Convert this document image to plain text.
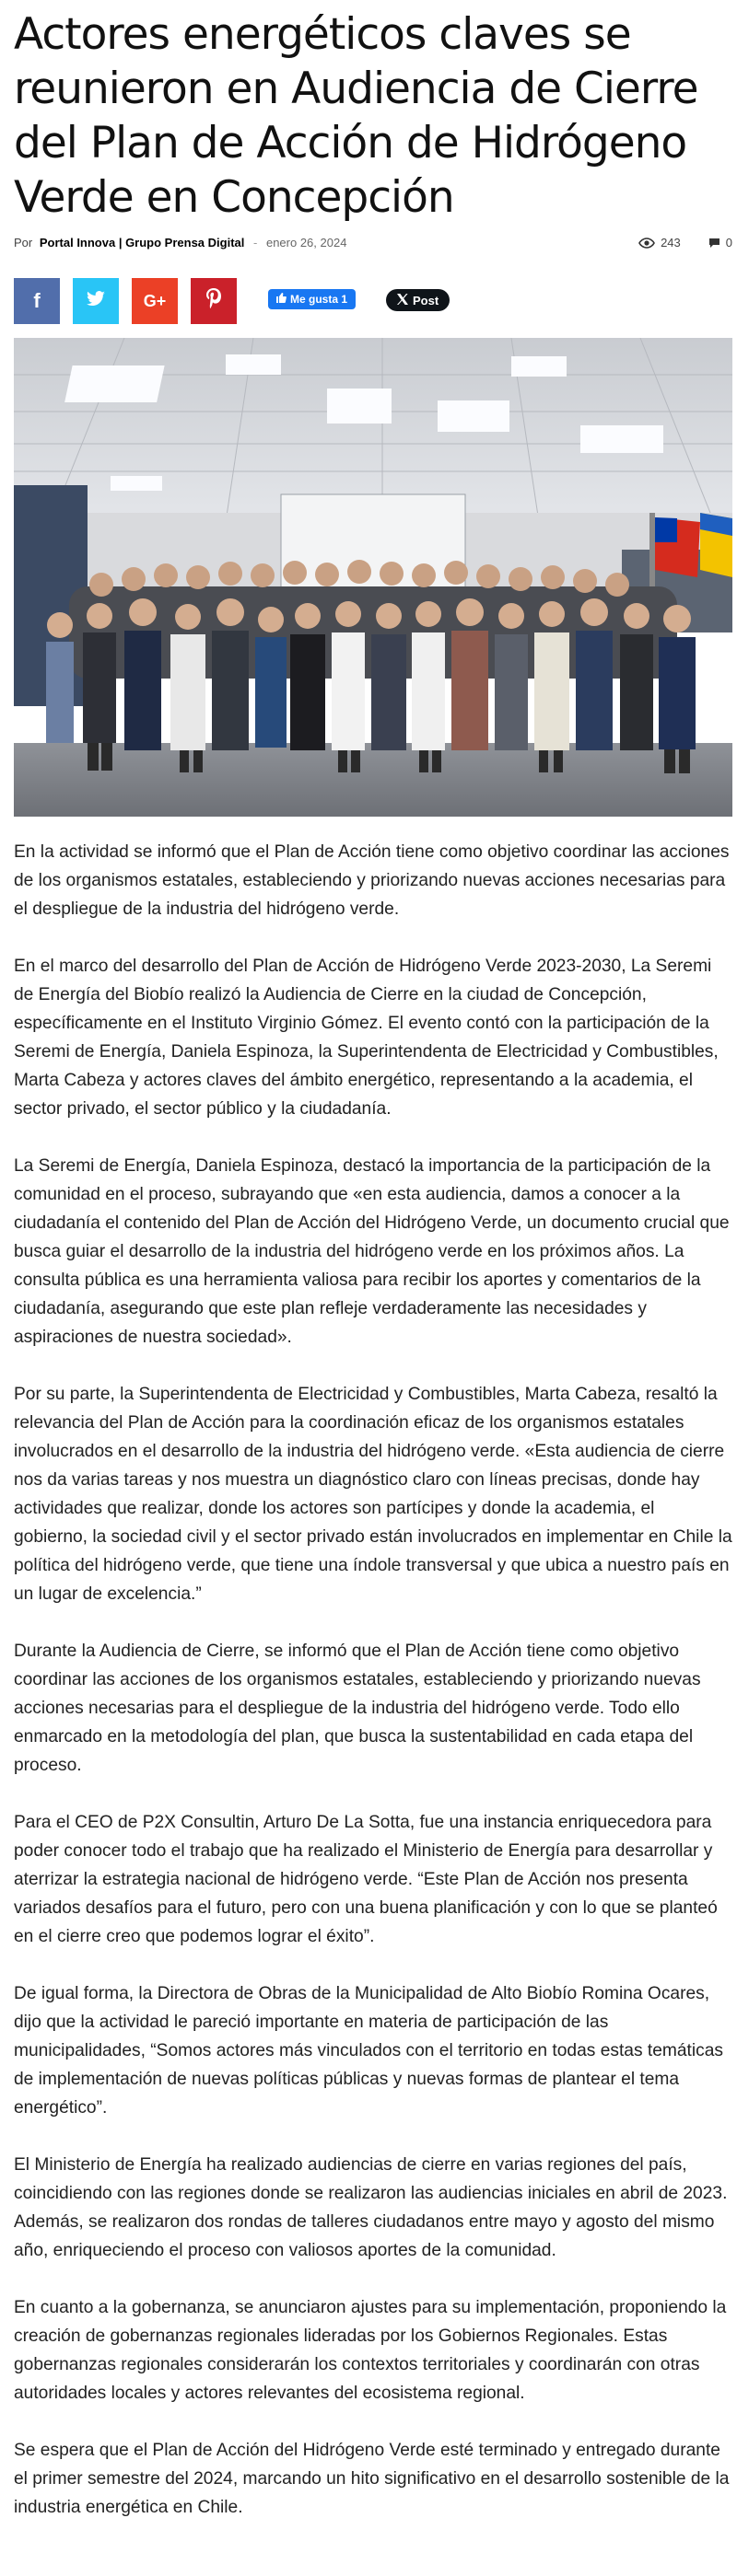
Actores energéticos claves se reunieron en Audiencia de Cierre del Plan de Acción de Hidrógeno Verde en Concepción
Por Portal Innova | Grupo Prensa Digital - enero 26, 2024	243	0
f	G+	Me gusta 1	Post

En la actividad se informó que el Plan de Acción tiene como objetivo coordinar las acciones de los organismos estatales, estableciendo y priorizando nuevas acciones necesarias para el despliegue de la industria del hidrógeno verde.

En el marco del desarrollo del Plan de Acción de Hidrógeno Verde 2023-2030, La Seremi de Energía del Biobío realizó la Audiencia de Cierre en la ciudad de Concepción, específicamente en el Instituto Virginio Gómez. El evento contó con la participación de la Seremi de Energía, Daniela Espinoza, la Superintendenta de Electricidad y Combustibles, Marta Cabeza y actores claves del ámbito energético, representando a la academia, el sector privado, el sector público y la ciudadanía.

La Seremi de Energía, Daniela Espinoza, destacó la importancia de la participación de la comunidad en el proceso, subrayando que «en esta audiencia, damos a conocer a la ciudadanía el contenido del Plan de Acción del Hidrógeno Verde, un documento crucial que busca guiar el desarrollo de la industria del hidrógeno verde en los próximos años. La consulta pública es una herramienta valiosa para recibir los aportes y comentarios de la ciudadanía, asegurando que este plan refleje verdaderamente las necesidades y aspiraciones de nuestra sociedad».

Por su parte, la Superintendenta de Electricidad y Combustibles, Marta Cabeza, resaltó la relevancia del Plan de Acción para la coordinación eficaz de los organismos estatales involucrados en el desarrollo de la industria del hidrógeno verde. «Esta audiencia de cierre nos da varias tareas y nos muestra un diagnóstico claro con líneas precisas, donde hay actividades que realizar, donde los actores son partícipes y donde la academia, el gobierno, la sociedad civil y el sector privado están involucrados en implementar en Chile la política del hidrógeno verde, que tiene una índole transversal y que ubica a nuestro país en un lugar de excelencia.”

Durante la Audiencia de Cierre, se informó que el Plan de Acción tiene como objetivo coordinar las acciones de los organismos estatales, estableciendo y priorizando nuevas acciones necesarias para el despliegue de la industria del hidrógeno verde. Todo ello enmarcado en la metodología del plan, que busca la sustentabilidad en cada etapa del proceso.

Para el CEO de P2X Consultin, Arturo De La Sotta, fue una instancia enriquecedora para poder conocer todo el trabajo que ha realizado el Ministerio de Energía para desarrollar y aterrizar la estrategia nacional de hidrógeno verde. “Este Plan de Acción nos presenta variados desafíos para el futuro, pero con una buena planificación y con lo que se planteó en el cierre creo que podemos lograr el éxito”.

De igual forma, la Directora de Obras de la Municipalidad de Alto Biobío Romina Ocares, dijo que la actividad le pareció importante en materia de participación de las municipalidades, “Somos actores más vinculados con el territorio en todas estas temáticas de implementación de nuevas políticas públicas y nuevas formas de plantear el tema energético”.

El Ministerio de Energía ha realizado audiencias de cierre en varias regiones del país, coincidiendo con las regiones donde se realizaron las audiencias iniciales en abril de 2023. Además, se realizaron dos rondas de talleres ciudadanos entre mayo y agosto del mismo año, enriqueciendo el proceso con valiosos aportes de la comunidad.

En cuanto a la gobernanza, se anunciaron ajustes para su implementación, proponiendo la creación de gobernanzas regionales lideradas por los Gobiernos Regionales. Estas gobernanzas regionales considerarán los contextos territoriales y coordinarán con otras autoridades locales y actores relevantes del ecosistema regional.

Se espera que el Plan de Acción del Hidrógeno Verde esté terminado y entregado durante el primer semestre del 2024, marcando un hito significativo en el desarrollo sostenible de la industria energética en Chile.
